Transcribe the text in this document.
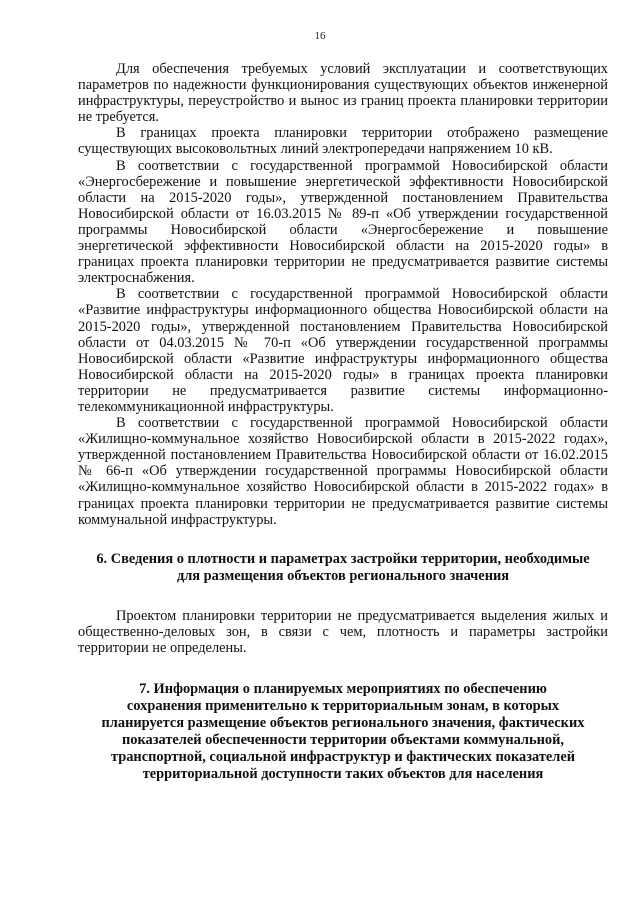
16

Для обеспечения требуемых условий эксплуатации и соответствующих параметров по надежности функционирования существующих объектов инженерной инфраструктуры, переустройство и вынос из границ проекта планировки территории не требуется.

В границах проекта планировки территории отображено размещение существующих высоковольтных линий электропередачи напряжением 10 кВ.

В соответствии с государственной программой Новосибирской области «Энергосбережение и повышение энергетической эффективности Новосибирской области на 2015-2020 годы», утвержденной постановлением Правительства Новосибирской области от 16.03.2015 № 89-п «Об утверждении государственной программы Новосибирской области «Энергосбережение и повышение энергетической эффективности Новосибирской области на 2015-2020 годы» в границах проекта планировки территории не предусматривается развитие системы электроснабжения.

В соответствии с государственной программой Новосибирской области «Развитие инфраструктуры информационного общества Новосибирской области на 2015-2020 годы», утвержденной постановлением Правительства Новосибирской области от 04.03.2015 № 70-п «Об утверждении государственной программы Новосибирской области «Развитие инфраструктуры информационного общества Новосибирской области на 2015-2020 годы» в границах проекта планировки территории не предусматривается развитие системы информационно-телекоммуникационной инфраструктуры.

В соответствии с государственной программой Новосибирской области «Жилищно-коммунальное хозяйство Новосибирской области в 2015-2022 годах», утвержденной постановлением Правительства Новосибирской области от 16.02.2015 № 66-п «Об утверждении государственной программы Новосибирской области «Жилищно-коммунальное хозяйство Новосибирской области в 2015-2022 годах» в границах проекта планировки территории не предусматривается развитие системы коммунальной инфраструктуры.

6. Сведения о плотности и параметрах застройки территории, необходимые
для размещения объектов регионального значения

Проектом планировки территории не предусматривается выделения жилых и общественно-деловых зон, в связи с чем, плотность и параметры застройки территории не определены.

7. Информация о планируемых мероприятиях по обеспечению
сохранения применительно к территориальным зонам, в которых
планируется размещение объектов регионального значения, фактических
показателей обеспеченности территории объектами коммунальной,
транспортной, социальной инфраструктур и фактических показателей
территориальной доступности таких объектов для населения
